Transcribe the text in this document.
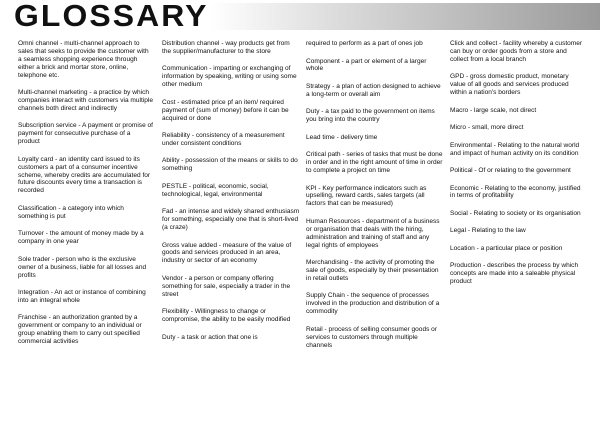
GLOSSARY
Omni channel - multi-channel approach to sales that seeks to provide the customer with a seamless shopping experience through either a brick and mortar store, online, telephone etc.
Multi-channel marketing - a practice by which companies interact with customers via multiple channels both direct and indirectly
Subscription service - A payment or promise of payment for consecutive purchase of a product
Loyalty card - an identity card issued to its customers a part of a consumer incentive scheme, whereby credits are accumulated for future discounts every time a transaction is recorded
Classification - a category into which something is put
Turnover - the amount of money made by a company in one year
Sole trader - person who is the exclusive owner of a business, liable for all losses and profits
Integration - An act or instance of combining into an integral whole
Franchise - an authorization granted by a government or company to an individual or group enabling them to carry out specified commercial activities
Distribution channel - way products get from the supplier/manufacturer to the store
Communication - imparting or exchanging of information by speaking, writing or using some other medium
Cost - estimated price pf an item/ required payment of (sum of money) before it can be acquired or done
Reliability - consistency of a measurement under consistent conditions
Ability - possession of the means or skills to do something
PESTLE - political, economic, social, technological, legal, environmental
Fad - an intense and widely shared enthusiasm for something, especially one that is short-lived (a craze)
Gross value added - measure of the value of goods and services produced in an area, industry or sector of an economy
Vendor - a person or company offering something for sale, especially a trader in the street
Flexibility - Willingness to change or compromise, the ability to be easily modified
Duty - a task or action that one is
required to perform as a part of ones job
Component - a part or element of a larger whole
Strategy - a plan of action designed to achieve a long-term or overall aim
Duty - a tax paid to the government on items you bring into the country
Lead time - delivery time
Critical path - series of tasks that must be done in order and in the right amount of time in order to complete a project on time
KPI - Key performance indicators such as upselling, reward cards, sales targets (all factors that can be measured)
Human Resources - department of a business or organisation that deals with the hiring, administration and training of staff and any legal rights of employees
Merchandising - the activity of promoting the sale of goods, especially by their presentation in retail outlets
Supply Chain - the sequence of processes involved in the production and distribution of a commodity
Retail - process of selling consumer goods or services to customers through multiple channels
Click and collect - facility whereby a customer can buy or order goods from a store and collect from a local branch
GPD - gross domestic product, monetary value of all goods and services produced within a nation's borders
Macro - large scale, not direct
Micro - small, more direct
Environmental - Relating to the natural world and impact of human activity on its condition
Political - Of or relating to the government
Economic - Relating to the economy, justified in terms of profitability
Social - Relating to society or its organisation
Legal - Relating to the law
Location - a particular place or position
Production - describes the process by which concepts are made into a saleable physical product
